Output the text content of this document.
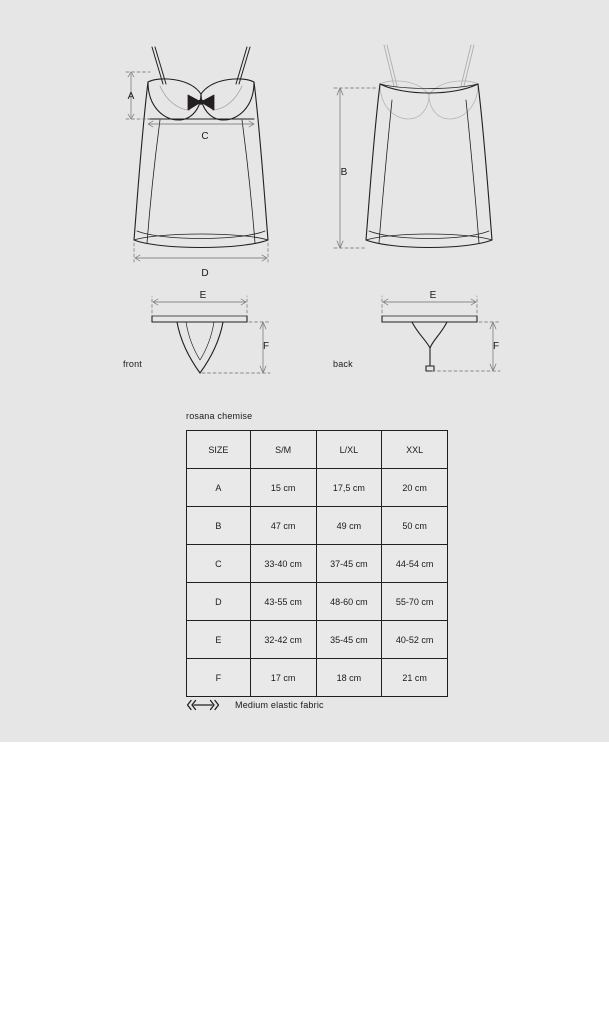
A
B
C
D
E
F
E
F
front	back
rosana chemise
SIZE	S/M	L/XL	XXL
A	15 cm	17,5 cm	20 cm
B	47 cm	49 cm	50 cm
C	33-40 cm	37-45 cm	44-54 cm
D	43-55 cm	48-60 cm	55-70 cm
E	32-42 cm	35-45 cm	40-52 cm
F	17 cm	18 cm	21 cm
Medium elastic fabric
